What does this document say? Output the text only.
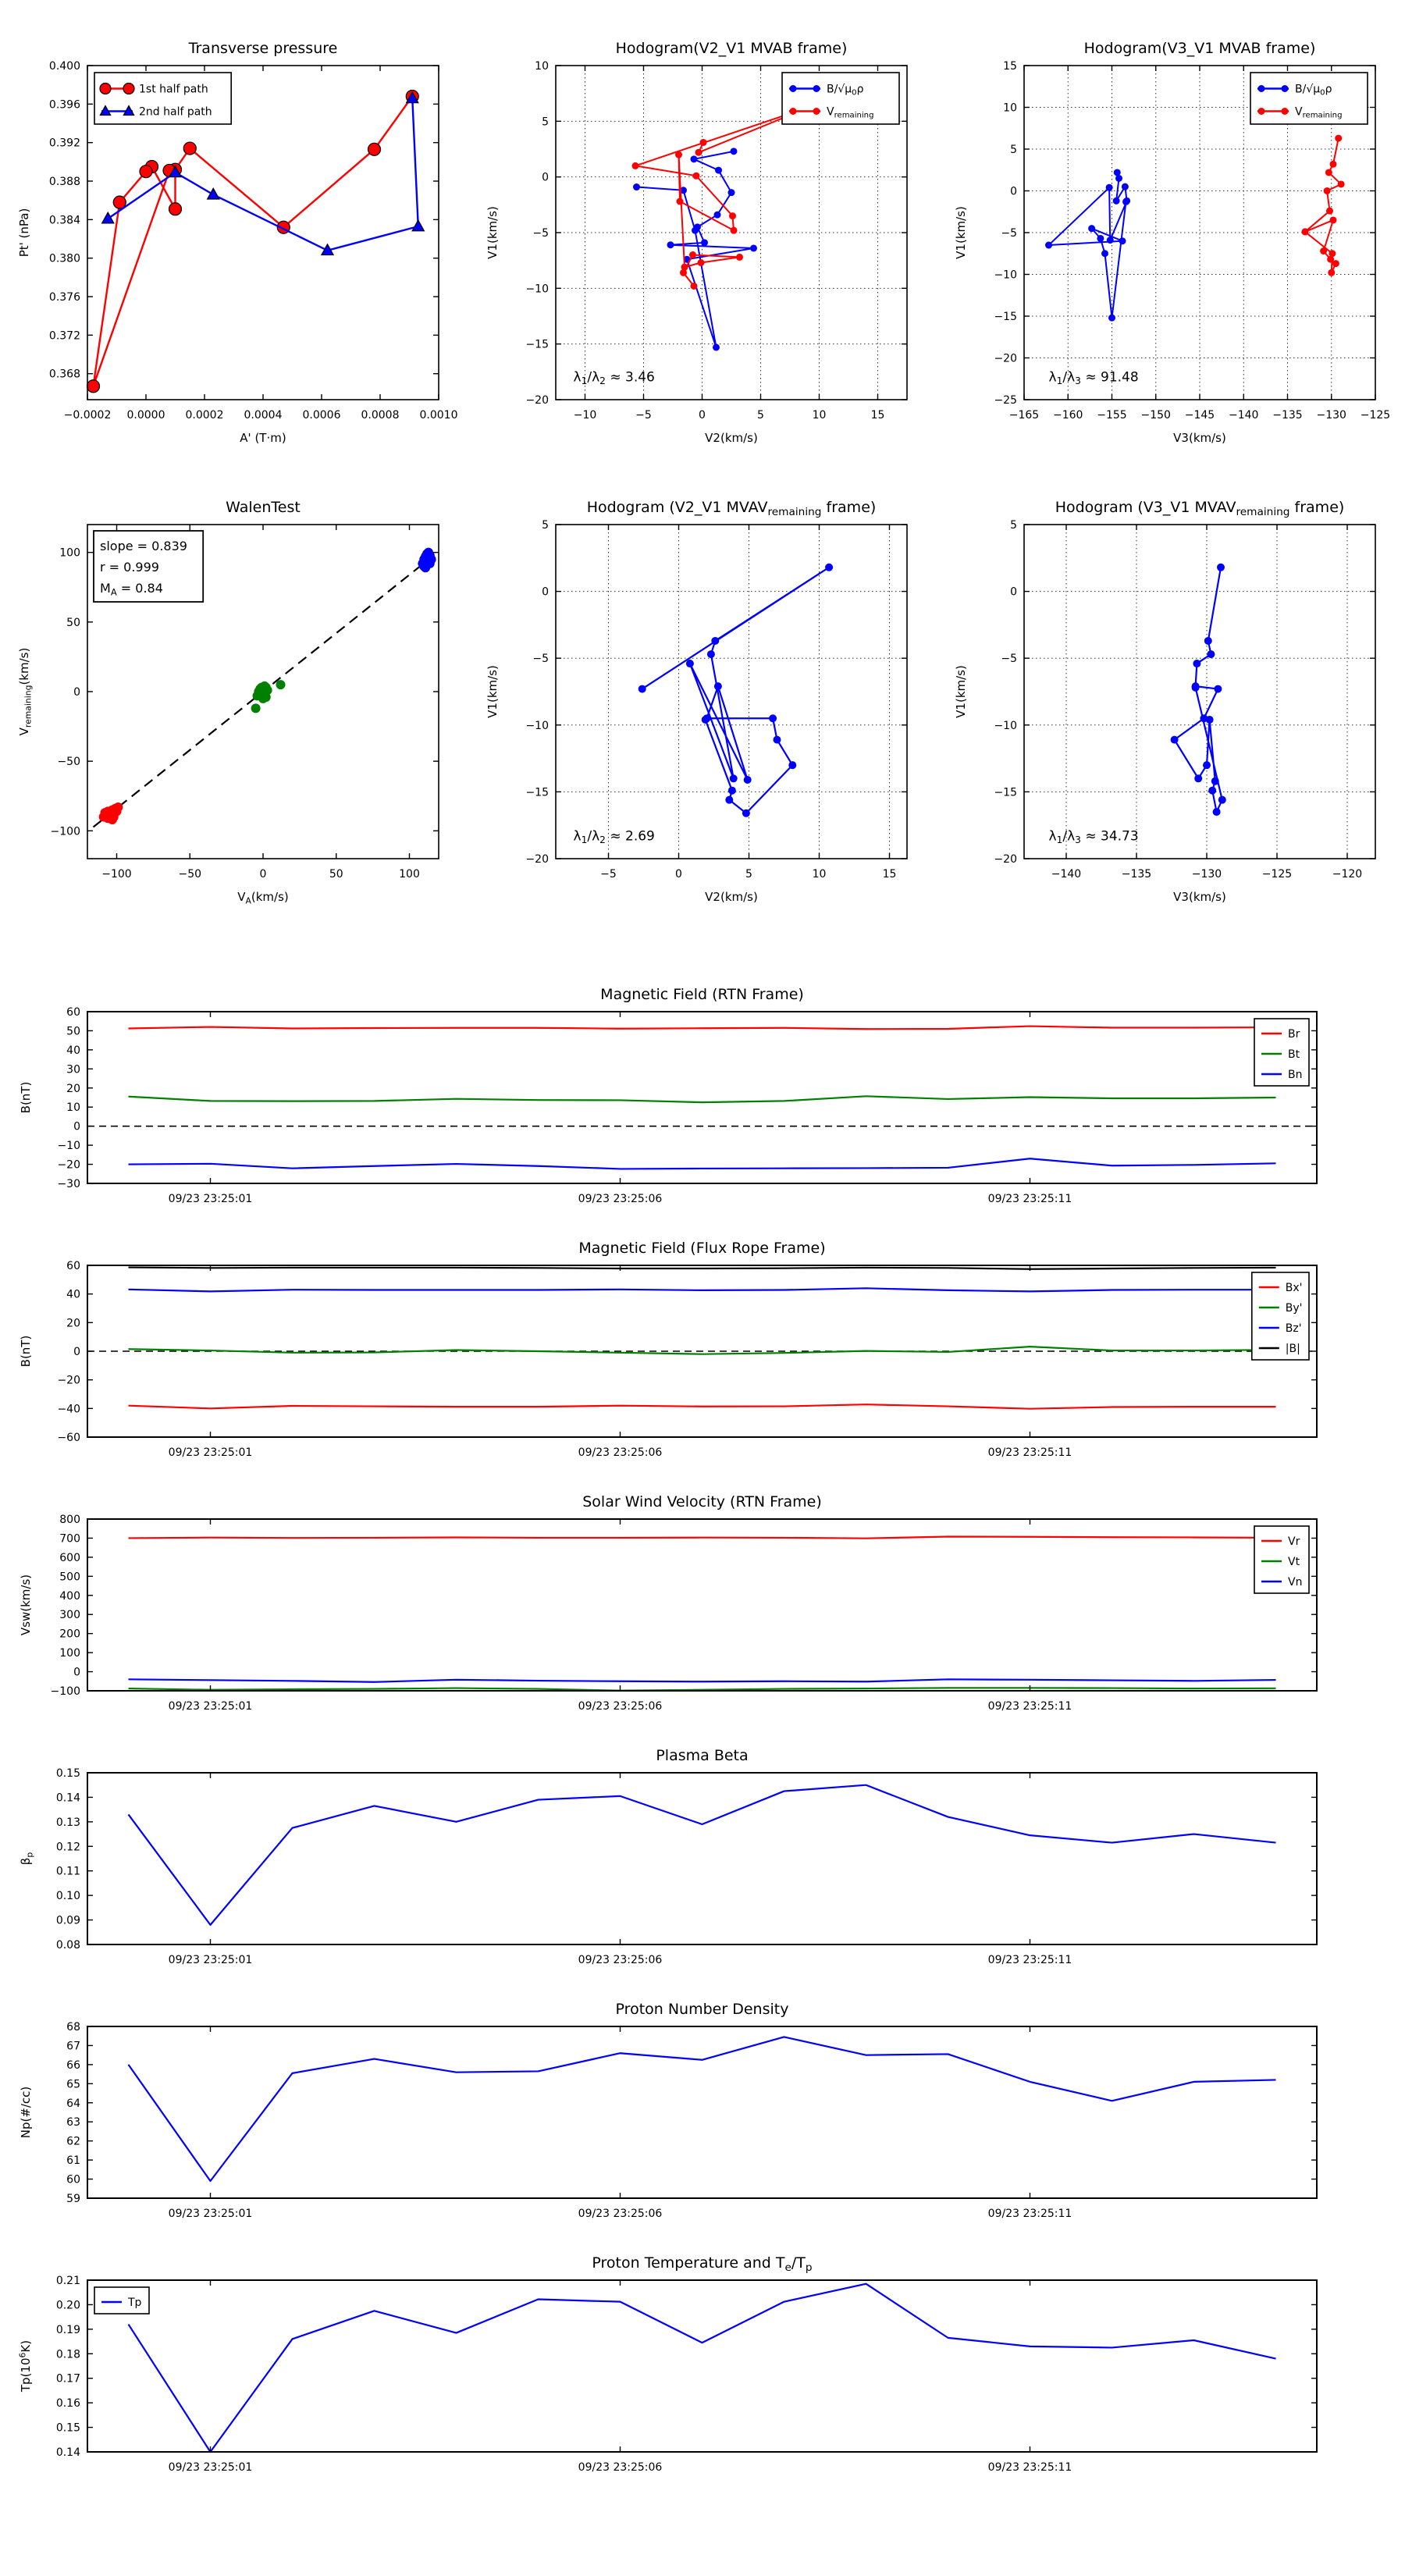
−0.0002 0.0000 0.0002 0.0004 0.0006 0.0008 0.0010
0.368
0.372
0.376
0.380
0.384
0.388
0.392
0.396
0.400
Transverse pressure
A' (T·m)
Pt' (nPa)
1st half path
2nd half path
−10	−5	0	5	10	15
−20
−15
−10
−5
0
5
10
Hodogram(V2_V1 MVAB frame)
V2(km/s)
V1(km/s)
$B/√\mu_0\rho$
$V_{remaining}$
$\lambda_1/\lambda_2 \approx 3.46$
−165 −160 −155 −150 −145 −140 −135 −130 −125
−25
−20
−15
−10
−5
0
5
10
15
Hodogram(V3_V1 MVAB frame)
V3(km/s)
V1(km/s)
$B/√\mu_0\rho$
$V_{remaining}$
$\lambda_1/\lambda_3 \approx 91.48$
−100	−50	0	50	100
−100
−50
0
50
100
WalenTest
$V_A(km/s)$
$V_{remaining}(km/s)$
slope = 0.839
r = 0.999
$M_A = 0.84$
−5	0	5	10	15
−20
−15
−10
−5
0
5
Hodogram (V2_V1 $MVAV_{remaining}$ frame)
V2(km/s)
V1(km/s)
$\lambda_1/\lambda_2 \approx 2.69$
−140	−135	−130	−125	−120
−20
−15
−10
−5
0
5
Hodogram (V3_V1 $MVAV_{remaining}$ frame)
V3(km/s)
V1(km/s)
$\lambda_1/\lambda_3 \approx 34.73$
09/23 23:25:01	09/23 23:25:06	09/23 23:25:11
−30
−20
−10
0
10
20
30
40
50
60
Magnetic Field (RTN Frame)
B(nT)
Br
Bt
Bn
09/23 23:25:01	09/23 23:25:06	09/23 23:25:11
−60
−40
−20
0
20
40
60
Magnetic Field (Flux Rope Frame)
B(nT)
Bx'
By'
Bz'
|B|
09/23 23:25:01	09/23 23:25:06	09/23 23:25:11
−100
0
100
200
300
400
500
600
700
800
Solar Wind Velocity (RTN Frame)
Vsw(km/s)
Vr
Vt
Vn
09/23 23:25:01	09/23 23:25:06	09/23 23:25:11
0.08
0.09
0.10
0.11
0.12
0.13
0.14
0.15
Plasma Beta
$\beta_p$
09/23 23:25:01	09/23 23:25:06	09/23 23:25:11
59
60
61
62
63
64
65
66
67
68
Proton Number Density
Np(#/cc)
09/23 23:25:01	09/23 23:25:06	09/23 23:25:11
0.14
0.15
0.16
0.17
0.18
0.19
0.20
0.21
Proton Temperature and $T_e/T_p$
$Tp(10^6K)$
Tp
